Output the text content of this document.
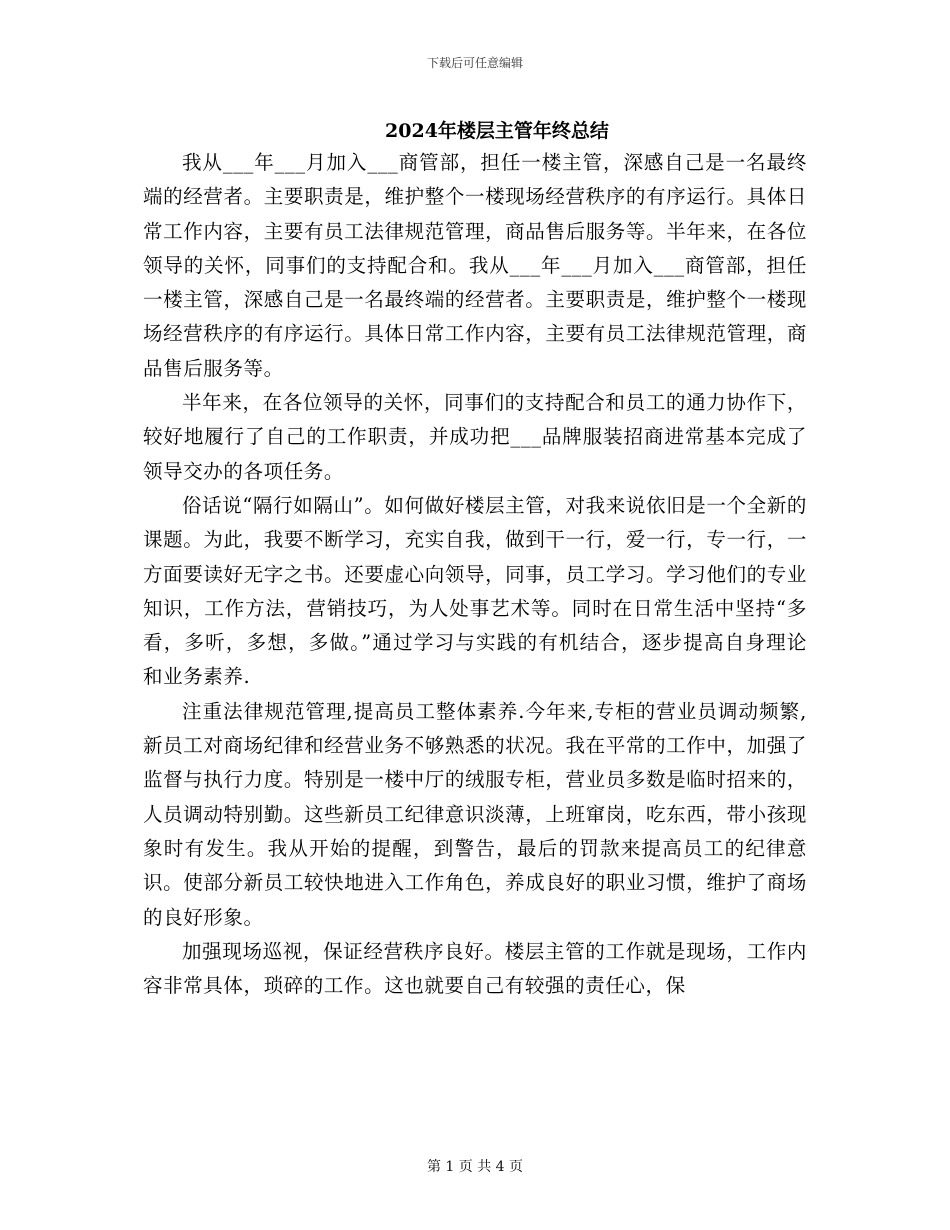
下载后可任意编辑
2024年楼层主管年终总结

我从___年___月加入___商管部，担任一楼主管，深感自己是一名最终端的经营者。主要职责是，维护整个一楼现场经营秩序的有序运行。具体日常工作内容，主要有员工法律规范管理，商品售后服务等。半年来，在各位领导的关怀，同事们的支持配合和。我从___年___月加入___商管部，担任一楼主管，深感自己是一名最终端的经营者。主要职责是，维护整个一楼现场经营秩序的有序运行。具体日常工作内容，主要有员工法律规范管理，商品售后服务等。

半年来，在各位领导的关怀，同事们的支持配合和员工的通力协作下，较好地履行了自己的工作职责，并成功把___品牌服装招商进常基本完成了领导交办的各项任务。

俗话说“隔行如隔山”。如何做好楼层主管，对我来说依旧是一个全新的课题。为此，我要不断学习，充实自我，做到干一行，爱一行，专一行，一方面要读好无字之书。还要虚心向领导，同事，员工学习。学习他们的专业知识，工作方法，营销技巧，为人处事艺术等。同时在日常生活中坚持“多看，多听，多想，多做。”通过学习与实践的有机结合，逐步提高自身理论和业务素养.

注重法律规范管理,提高员工整体素养.今年来,专柜的营业员调动频繁,新员工对商场纪律和经营业务不够熟悉的状况。我在平常的工作中，加强了监督与执行力度。特别是一楼中厅的绒服专柜，营业员多数是临时招来的，人员调动特别勤。这些新员工纪律意识淡薄，上班窜岗，吃东西，带小孩现象时有发生。我从开始的提醒，到警告，最后的罚款来提高员工的纪律意识。使部分新员工较快地进入工作角色，养成良好的职业习惯，维护了商场的良好形象。

加强现场巡视，保证经营秩序良好。楼层主管的工作就是现场，工作内容非常具体，琐碎的工作。这也就要自己有较强的责任心，保

第 1 页 共 4 页
